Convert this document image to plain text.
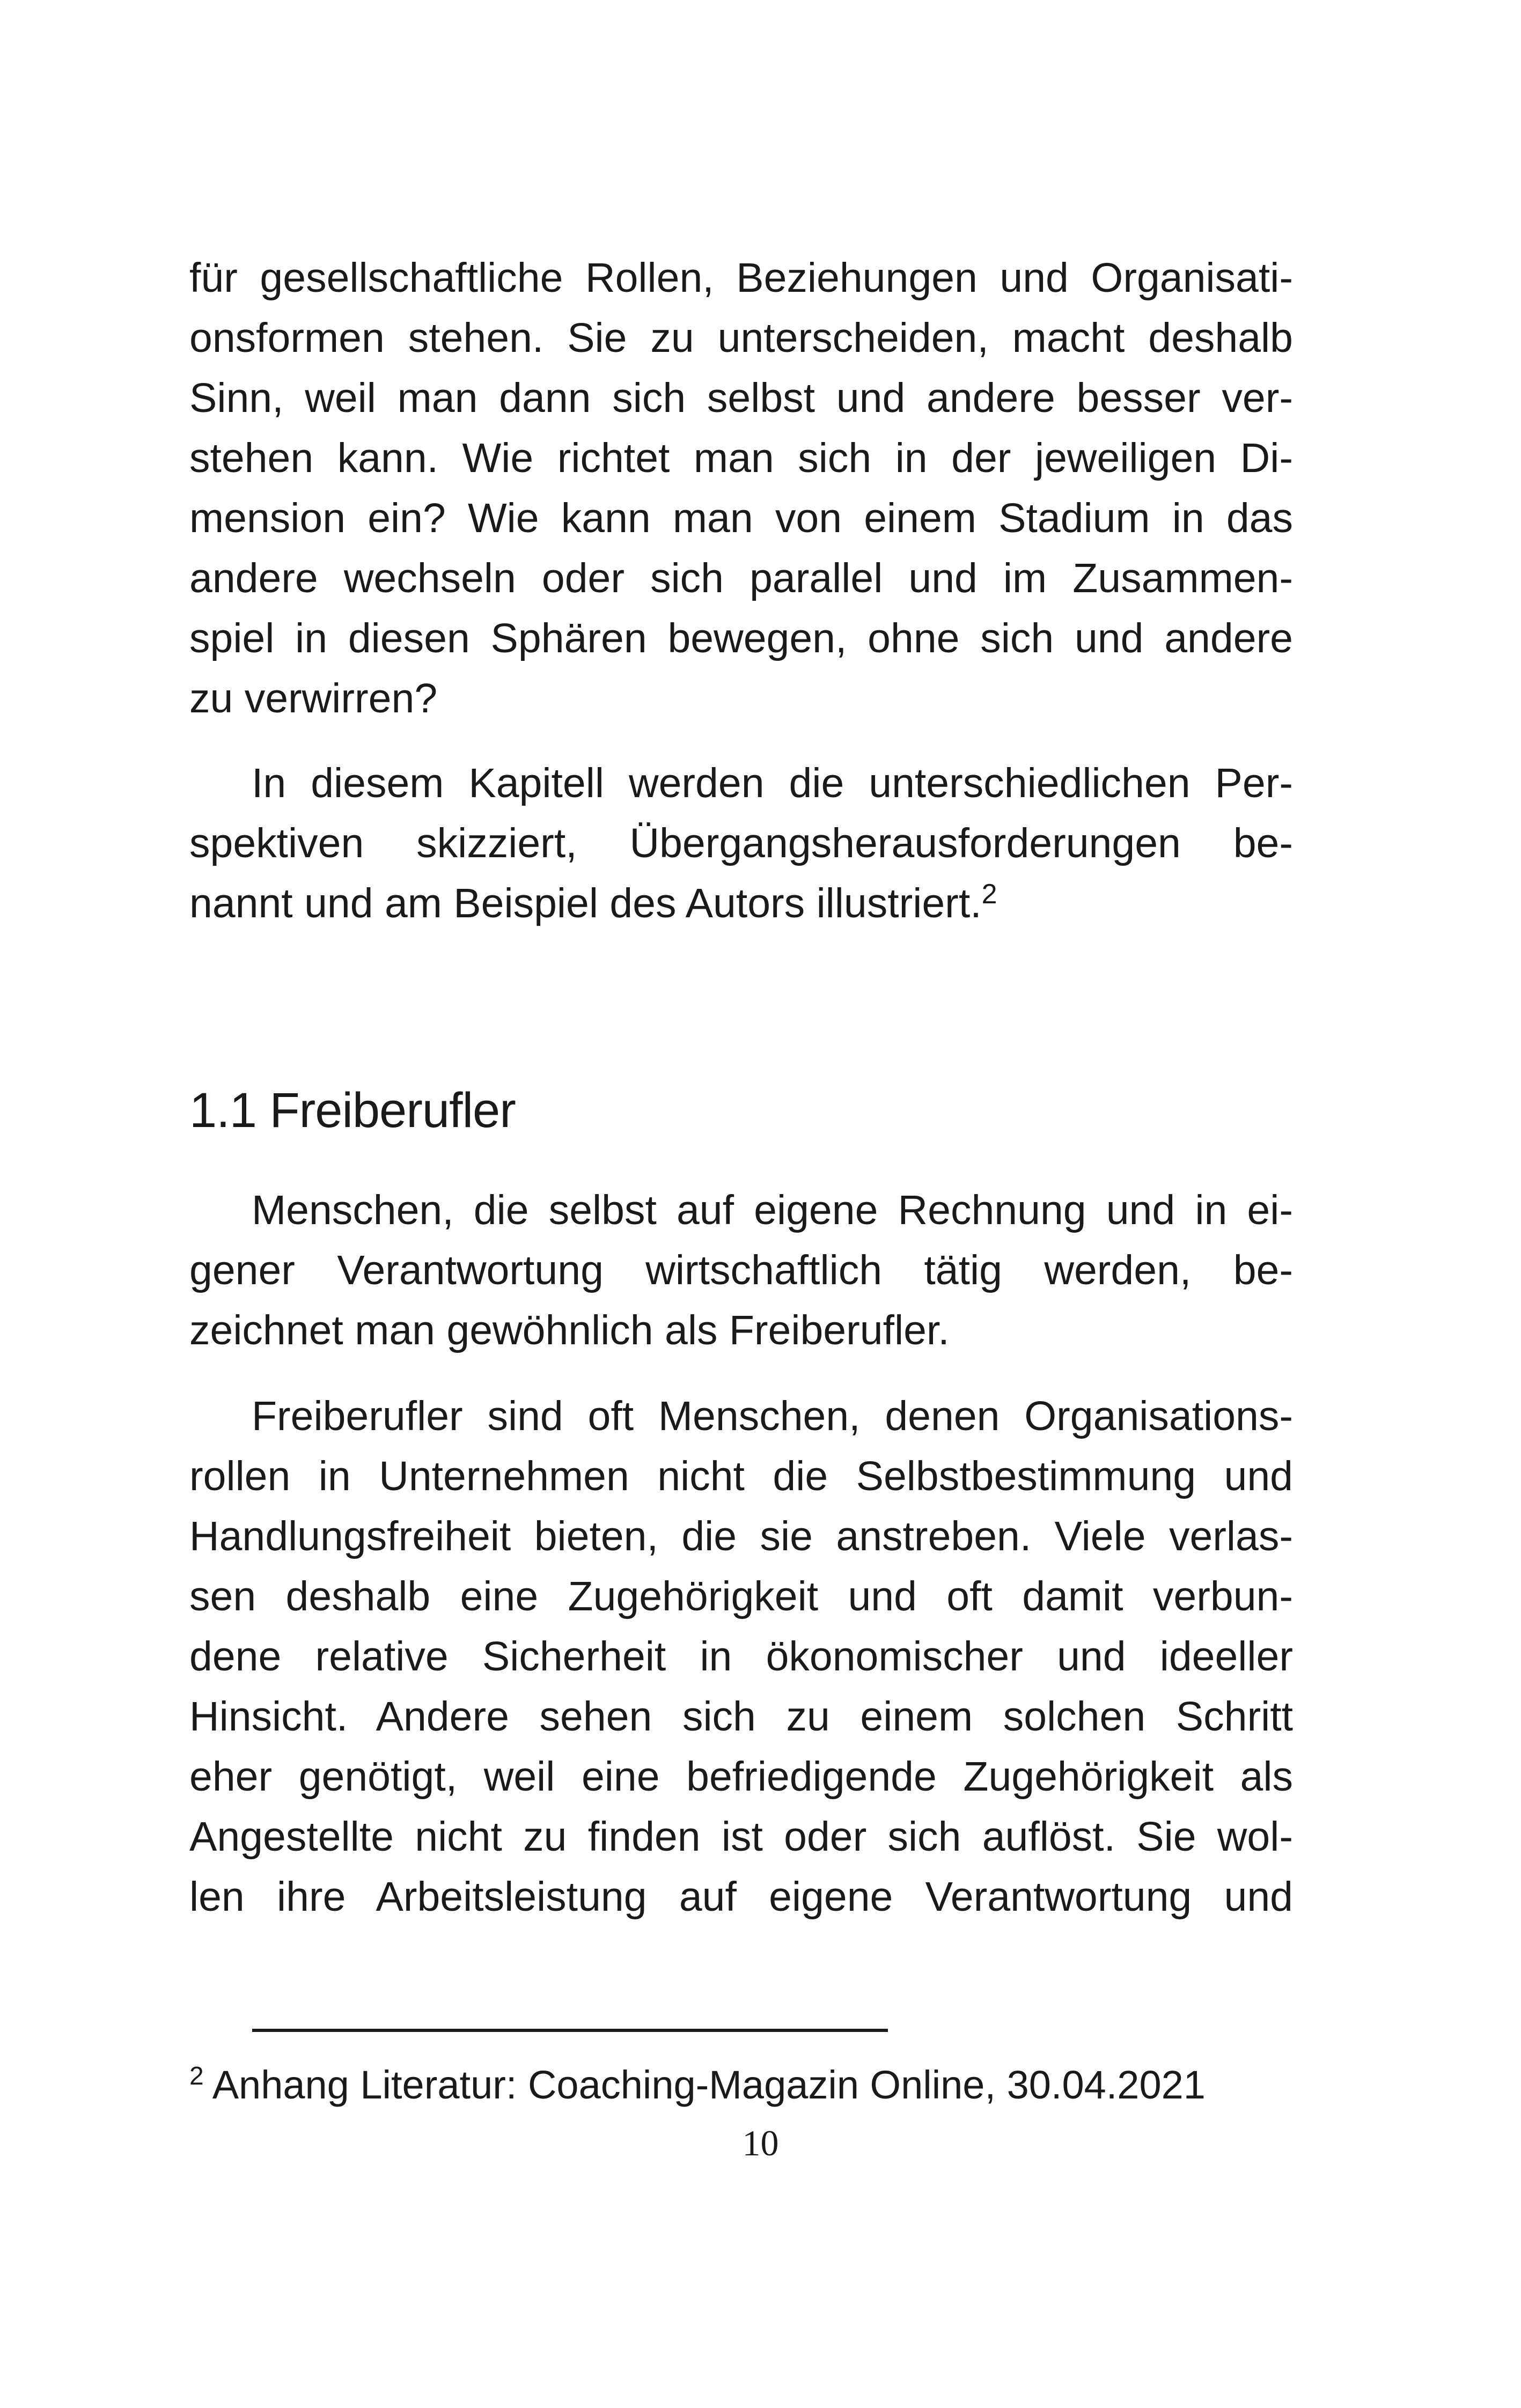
für gesellschaftliche Rollen, Beziehungen und Organisati-
onsformen stehen. Sie zu unterscheiden, macht deshalb
Sinn, weil man dann sich selbst und andere besser ver-
stehen kann. Wie richtet man sich in der jeweiligen Di-
mension ein? Wie kann man von einem Stadium in das
andere wechseln oder sich parallel und im Zusammen-
spiel in diesen Sphären bewegen, ohne sich und andere
zu verwirren?
In diesem Kapitell werden die unterschiedlichen Per-
spektiven skizziert, Übergangsherausforderungen be-
nannt und am Beispiel des Autors illustriert.$^2$
1.1 Freiberufler
Menschen, die selbst auf eigene Rechnung und in ei-
gener Verantwortung wirtschaftlich tätig werden, be-
zeichnet man gewöhnlich als Freiberufler.
Freiberufler sind oft Menschen, denen Organisations-
rollen in Unternehmen nicht die Selbstbestimmung und
Handlungsfreiheit bieten, die sie anstreben. Viele verlas-
sen deshalb eine Zugehörigkeit und oft damit verbun-
dene relative Sicherheit in ökonomischer und ideeller
Hinsicht. Andere sehen sich zu einem solchen Schritt
eher genötigt, weil eine befriedigende Zugehörigkeit als
Angestellte nicht zu finden ist oder sich auflöst. Sie wol-
len ihre Arbeitsleistung auf eigene Verantwortung und
$^2$ Anhang Literatur: Coaching-Magazin Online, 30.04.2021
10
